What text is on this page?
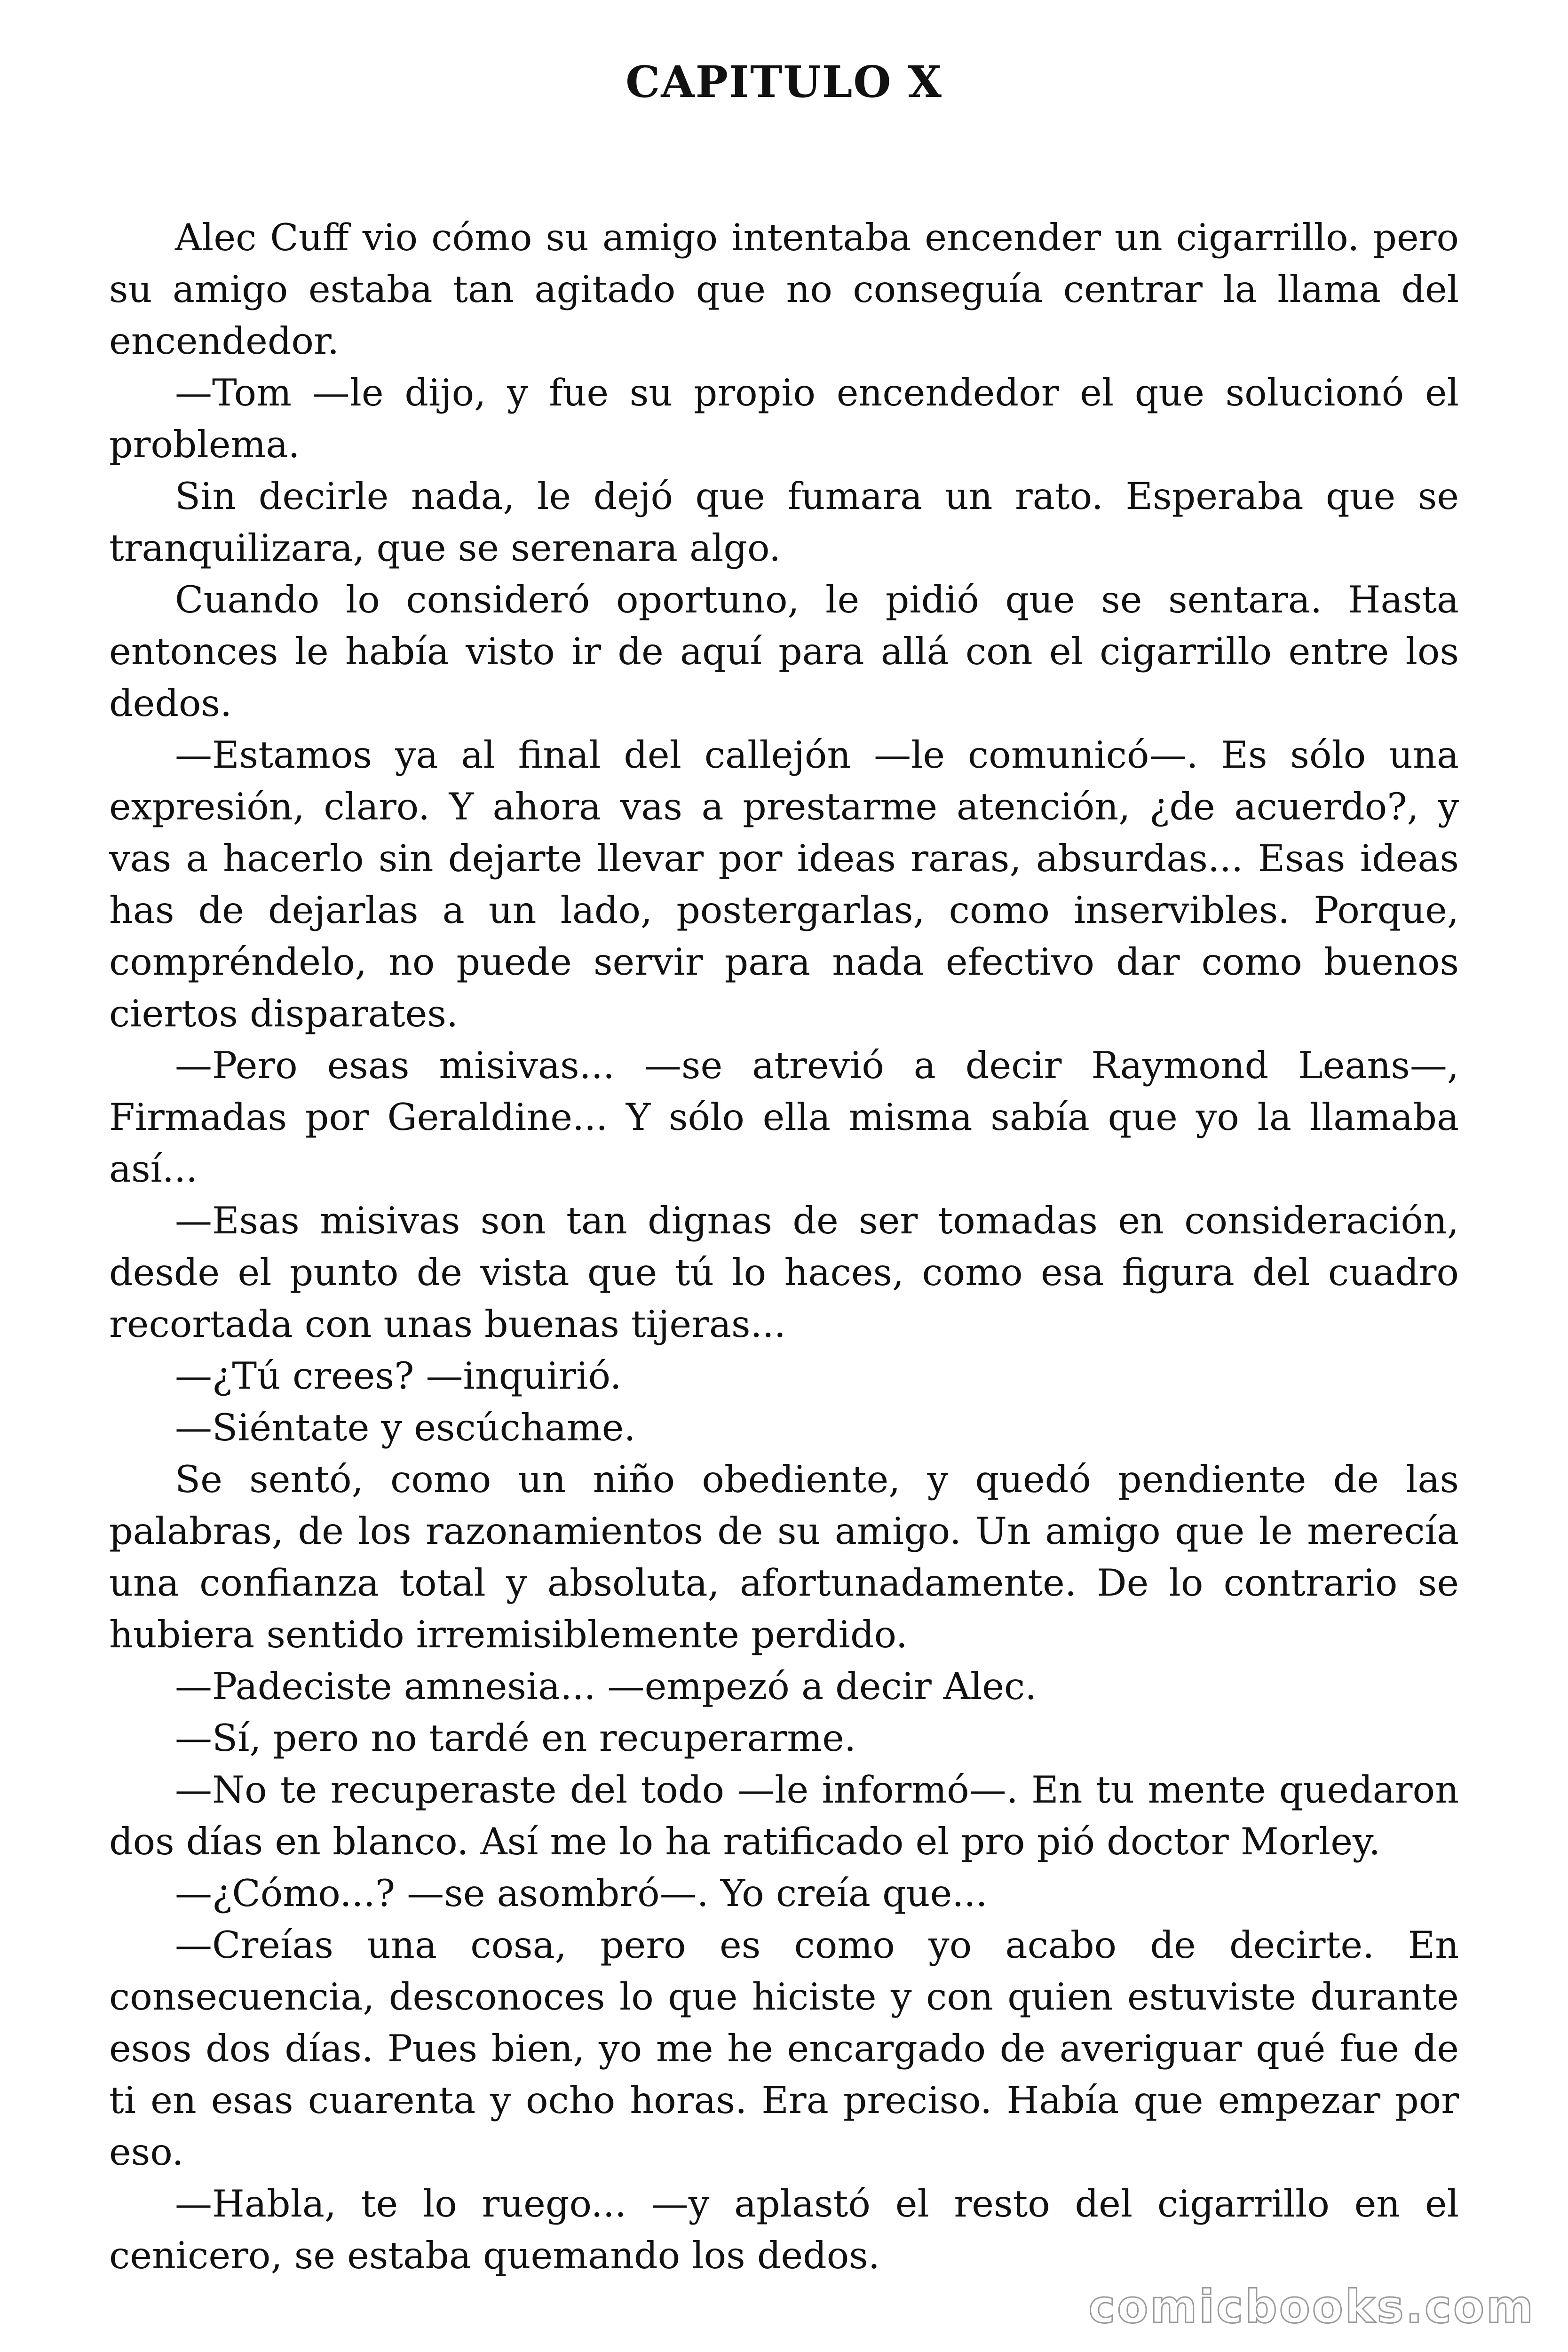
CAPITULO X

Alec Cuff vio cómo su amigo intentaba encender un cigarrillo. pero su amigo estaba tan agitado que no conseguía centrar la llama del encendedor.

—Tom —le dijo, y fue su propio encendedor el que solucionó el problema.

Sin decirle nada, le dejó que fumara un rato. Esperaba que se tranquilizara, que se serenara algo.

Cuando lo consideró oportuno, le pidió que se sentara. Hasta entonces le había visto ir de aquí para allá con el cigarrillo entre los dedos.

—Estamos ya al final del callejón —le comunicó—. Es sólo una expresión, claro. Y ahora vas a prestarme atención, ¿de acuerdo?, y vas a hacerlo sin dejarte llevar por ideas raras, absurdas... Esas ideas has de dejarlas a un lado, postergarlas, como inservibles. Porque, compréndelo, no puede servir para nada efectivo dar como buenos ciertos disparates.

—Pero esas misivas... —se atrevió a decir Raymond Leans—, Firmadas por Geraldine... Y sólo ella misma sabía que yo la llamaba así...

—Esas misivas son tan dignas de ser tomadas en consideración, desde el punto de vista que tú lo haces, como esa figura del cuadro recortada con unas buenas tijeras...

—¿Tú crees? —inquirió.

—Siéntate y escúchame.

Se sentó, como un niño obediente, y quedó pendiente de las palabras, de los razonamientos de su amigo. Un amigo que le merecía una confianza total y absoluta, afortunadamente. De lo contrario se hubiera sentido irremisiblemente perdido.

—Padeciste amnesia... —empezó a decir Alec.

—Sí, pero no tardé en recuperarme.

—No te recuperaste del todo —le informó—. En tu mente quedaron dos días en blanco. Así me lo ha ratificado el pro pió doctor Morley.

—¿Cómo...? —se asombró—. Yo creía que...

—Creías una cosa, pero es como yo acabo de decirte. En consecuencia, desconoces lo que hiciste y con quien estuviste durante esos dos días. Pues bien, yo me he encargado de averiguar qué fue de ti en esas cuarenta y ocho horas. Era preciso. Había que empezar por eso.

—Habla, te lo ruego... —y aplastó el resto del cigarrillo en el cenicero, se estaba quemando los dedos.

comicbooks.com
